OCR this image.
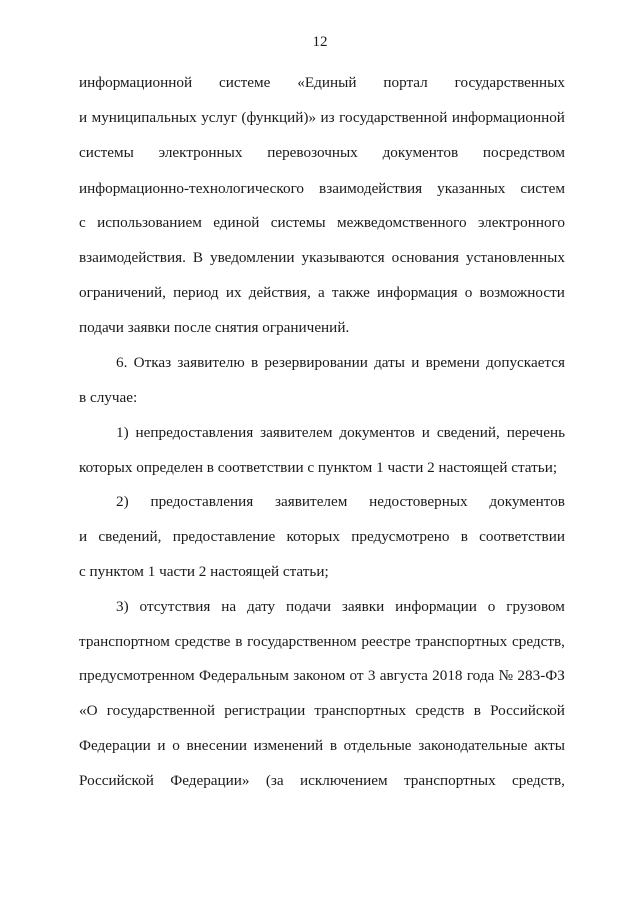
12
информационной системе «Единый портал государственных
и муниципальных услуг (функций)» из государственной информационной
системы электронных перевозочных документов посредством
информационно-технологического взаимодействия указанных систем
с использованием единой системы межведомственного электронного
взаимодействия. В уведомлении указываются основания установленных
ограничений, период их действия, а также информация о возможности
подачи заявки после снятия ограничений.
6. Отказ заявителю в резервировании даты и времени допускается
в случае:
1) непредоставления заявителем документов и сведений, перечень
которых определен в соответствии с пунктом 1 части 2 настоящей статьи;
2) предоставления заявителем недостоверных документов
и сведений, предоставление которых предусмотрено в соответствии
с пунктом 1 части 2 настоящей статьи;
3) отсутствия на дату подачи заявки информации о грузовом
транспортном средстве в государственном реестре транспортных средств,
предусмотренном Федеральным законом от 3 августа 2018 года № 283-ФЗ
«О государственной регистрации транспортных средств в Российской
Федерации и о внесении изменений в отдельные законодательные акты
Российской Федерации» (за исключением транспортных средств,
